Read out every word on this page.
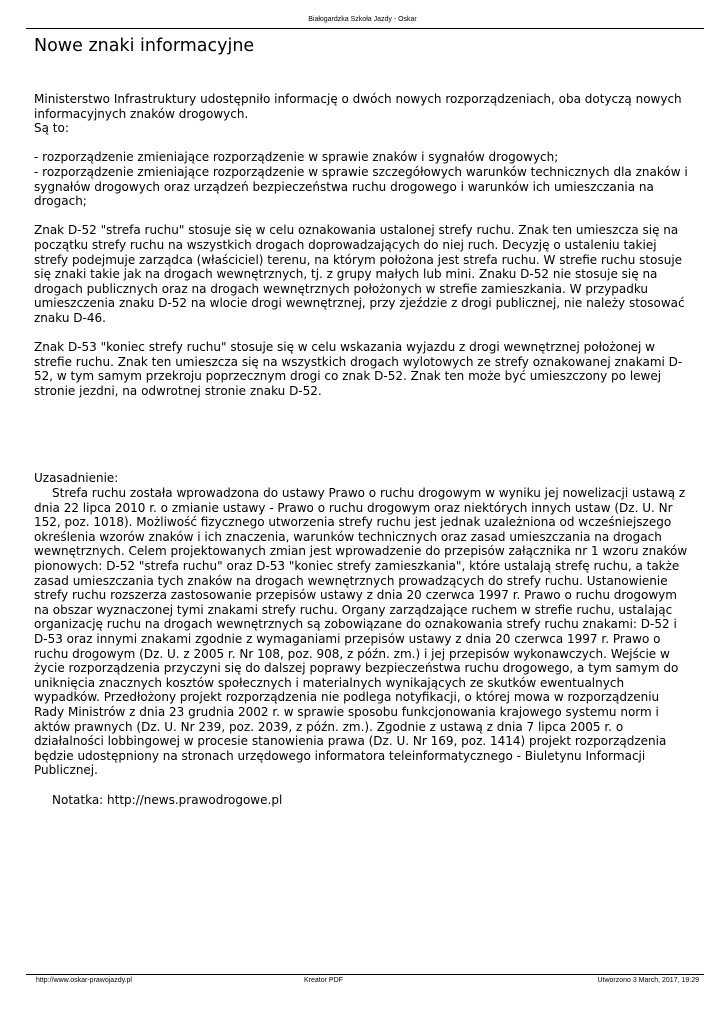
Białogardzka Szkoła Jazdy - Oskar
Nowe znaki informacyjne

Ministerstwo Infrastruktury udostępniło informację o dwóch nowych rozporządzeniach, oba dotyczą nowych informacyjnych znaków drogowych.

Są to:

- rozporządzenie zmieniające rozporządzenie w sprawie znaków i sygnałów drogowych;

- rozporządzenie zmieniające rozporządzenie w sprawie szczegółowych warunków technicznych dla znaków i sygnałów drogowych oraz urządzeń bezpieczeństwa ruchu drogowego i warunków ich umieszczania na drogach;

Znak D-52 "strefa ruchu" stosuje się w celu oznakowania ustalonej strefy ruchu. Znak ten umieszcza się na początku strefy ruchu na wszystkich drogach doprowadzających do niej ruch. Decyzję o ustaleniu takiej strefy podejmuje zarządca (właściciel) terenu, na którym położona jest strefa ruchu. W strefie ruchu stosuje się znaki takie jak na drogach wewnętrznych, tj. z grupy małych lub mini. Znaku D-52 nie stosuje się na drogach publicznych oraz na drogach wewnętrznych położonych w strefie zamieszkania. W przypadku umieszczenia znaku D-52 na wlocie drogi wewnętrznej, przy zjeździe z drogi publicznej, nie należy stosować znaku D-46.

Znak D-53 "koniec strefy ruchu" stosuje się w celu wskazania wyjazdu z drogi wewnętrznej położonej w strefie ruchu. Znak ten umieszcza się na wszystkich drogach wylotowych ze strefy oznakowanej znakami D-52, w tym samym przekroju poprzecznym drogi co znak D-52. Znak ten może być umieszczony po lewej stronie jezdni, na odwrotnej stronie znaku D-52.

Uzasadnienie:

Strefa ruchu została wprowadzona do ustawy Prawo o ruchu drogowym w wyniku jej nowelizacji ustawą z dnia 22 lipca 2010 r. o zmianie ustawy - Prawo o ruchu drogowym oraz niektórych innych ustaw (Dz. U. Nr 152, poz. 1018). Możliwość fizycznego utworzenia strefy ruchu jest jednak uzależniona od wcześniejszego określenia wzorów znaków i ich znaczenia, warunków technicznych oraz zasad umieszczania na drogach wewnętrznych. Celem projektowanych zmian jest wprowadzenie do przepisów załącznika nr 1 wzoru znaków pionowych: D-52 "strefa ruchu" oraz D-53 "koniec strefy zamieszkania", które ustalają strefę ruchu, a także zasad umieszczania tych znaków na drogach wewnętrznych prowadzących do strefy ruchu. Ustanowienie strefy ruchu rozszerza zastosowanie przepisów ustawy z dnia 20 czerwca 1997 r. Prawo o ruchu drogowym na obszar wyznaczonej tymi znakami strefy ruchu. Organy zarządzające ruchem w strefie ruchu, ustalając organizację ruchu na drogach wewnętrznych są zobowiązane do oznakowania strefy ruchu znakami: D-52 i D-53 oraz innymi znakami zgodnie z wymaganiami przepisów ustawy z dnia 20 czerwca 1997 r. Prawo o ruchu drogowym (Dz. U. z 2005 r. Nr 108, poz. 908, z późn. zm.) i jej przepisów wykonawczych. Wejście w życie rozporządzenia przyczyni się do dalszej poprawy bezpieczeństwa ruchu drogowego, a tym samym do uniknięcia znacznych kosztów społecznych i materialnych wynikających ze skutków ewentualnych wypadków. Przedłożony projekt rozporządzenia nie podlega notyfikacji, o której mowa w rozporządzeniu Rady Ministrów z dnia 23 grudnia 2002 r. w sprawie sposobu funkcjonowania krajowego systemu norm i aktów prawnych (Dz. U. Nr 239, poz. 2039, z późn. zm.). Zgodnie z ustawą z dnia 7 lipca 2005 r. o działalności lobbingowej w procesie stanowienia prawa (Dz. U. Nr 169, poz. 1414) projekt rozporządzenia będzie udostępniony na stronach urzędowego informatora teleinformatycznego - Biuletynu Informacji Publicznej.

Notatka: http://news.prawodrogowe.pl

http://www.oskar-prawojazdy.pl	Kreator PDF	Utworzono 3 March, 2017, 19:29
